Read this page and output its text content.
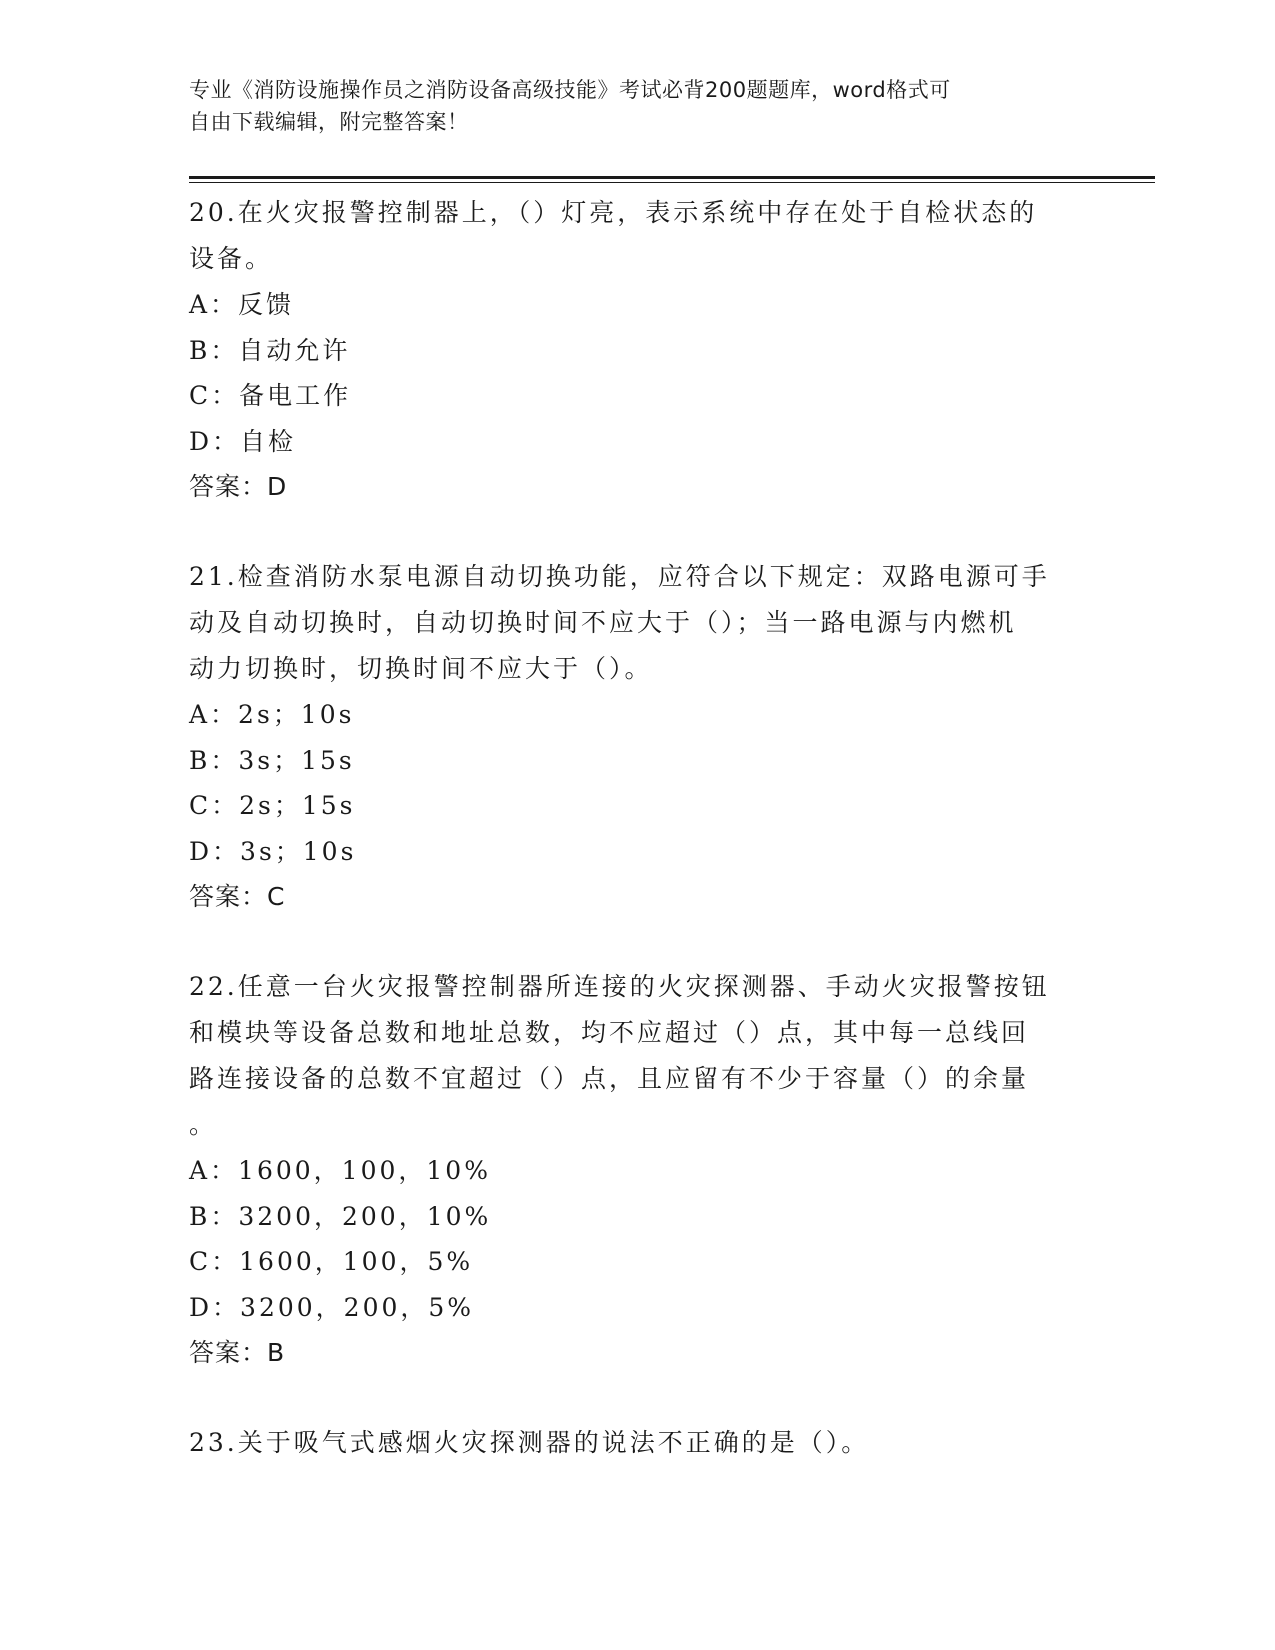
专业《消防设施操作员之消防设备高级技能》考试必背200题题库，word格式可
自由下载编辑，附完整答案！
20.在火灾报警控制器上，（）灯亮，表示系统中存在处于自检状态的
设备。
A：反馈
B：自动允许
C：备电工作
D：自检
答案：D
21.检查消防水泵电源自动切换功能，应符合以下规定：双路电源可手
动及自动切换时，自动切换时间不应大于（）；当一路电源与内燃机
动力切换时，切换时间不应大于（）。
A：2s；10s
B：3s；15s
C：2s；15s
D：3s；10s
答案：C
22.任意一台火灾报警控制器所连接的火灾探测器、手动火灾报警按钮
和模块等设备总数和地址总数，均不应超过（）点，其中每一总线回
路连接设备的总数不宜超过（）点，且应留有不少于容量（）的余量
。
A：1600，100，10%
B：3200，200，10%
C：1600，100，5%
D：3200，200，5%
答案：B
23.关于吸气式感烟火灾探测器的说法不正确的是（）。
